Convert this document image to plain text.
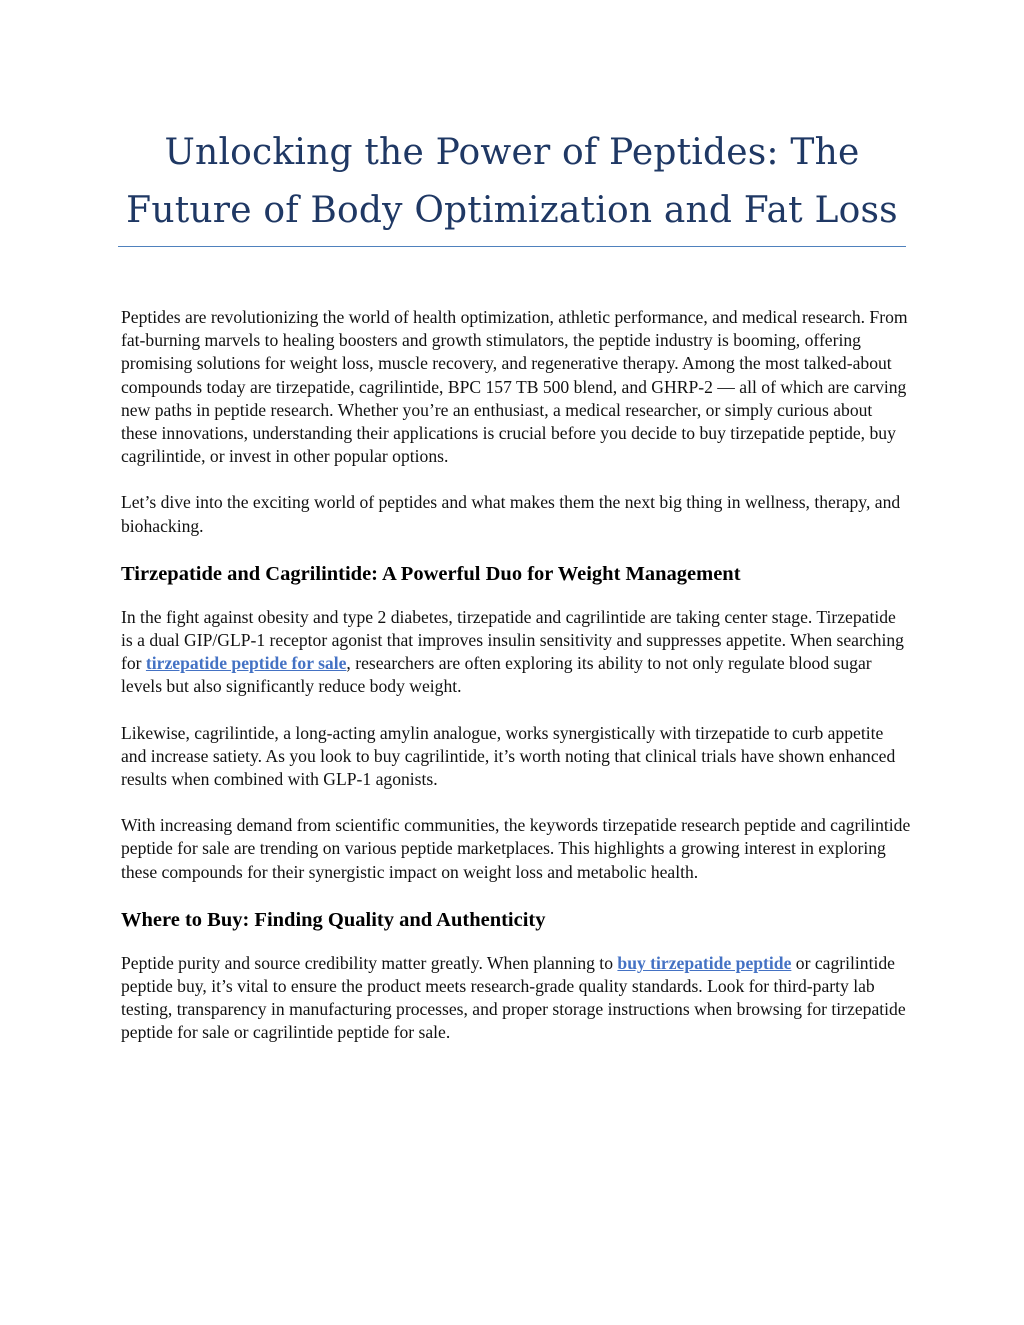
Unlocking the Power of Peptides: The Future of Body Optimization and Fat Loss

Peptides are revolutionizing the world of health optimization, athletic performance, and medical research. From fat-burning marvels to healing boosters and growth stimulators, the peptide industry is booming, offering promising solutions for weight loss, muscle recovery, and regenerative therapy. Among the most talked-about compounds today are tirzepatide, cagrilintide, BPC 157 TB 500 blend, and GHRP-2 — all of which are carving new paths in peptide research. Whether you’re an enthusiast, a medical researcher, or simply curious about these innovations, understanding their applications is crucial before you decide to buy tirzepatide peptide, buy cagrilintide, or invest in other popular options.

Let’s dive into the exciting world of peptides and what makes them the next big thing in wellness, therapy, and biohacking.

Tirzepatide and Cagrilintide: A Powerful Duo for Weight Management

In the fight against obesity and type 2 diabetes, tirzepatide and cagrilintide are taking center stage. Tirzepatide is a dual GIP/GLP-1 receptor agonist that improves insulin sensitivity and suppresses appetite. When searching for tirzepatide peptide for sale, researchers are often exploring its ability to not only regulate blood sugar levels but also significantly reduce body weight.

Likewise, cagrilintide, a long-acting amylin analogue, works synergistically with tirzepatide to curb appetite and increase satiety. As you look to buy cagrilintide, it’s worth noting that clinical trials have shown enhanced results when combined with GLP-1 agonists.

With increasing demand from scientific communities, the keywords tirzepatide research peptide and cagrilintide peptide for sale are trending on various peptide marketplaces. This highlights a growing interest in exploring these compounds for their synergistic impact on weight loss and metabolic health.

Where to Buy: Finding Quality and Authenticity

Peptide purity and source credibility matter greatly. When planning to buy tirzepatide peptide or cagrilintide peptide buy, it’s vital to ensure the product meets research-grade quality standards. Look for third-party lab testing, transparency in manufacturing processes, and proper storage instructions when browsing for tirzepatide peptide for sale or cagrilintide peptide for sale.
